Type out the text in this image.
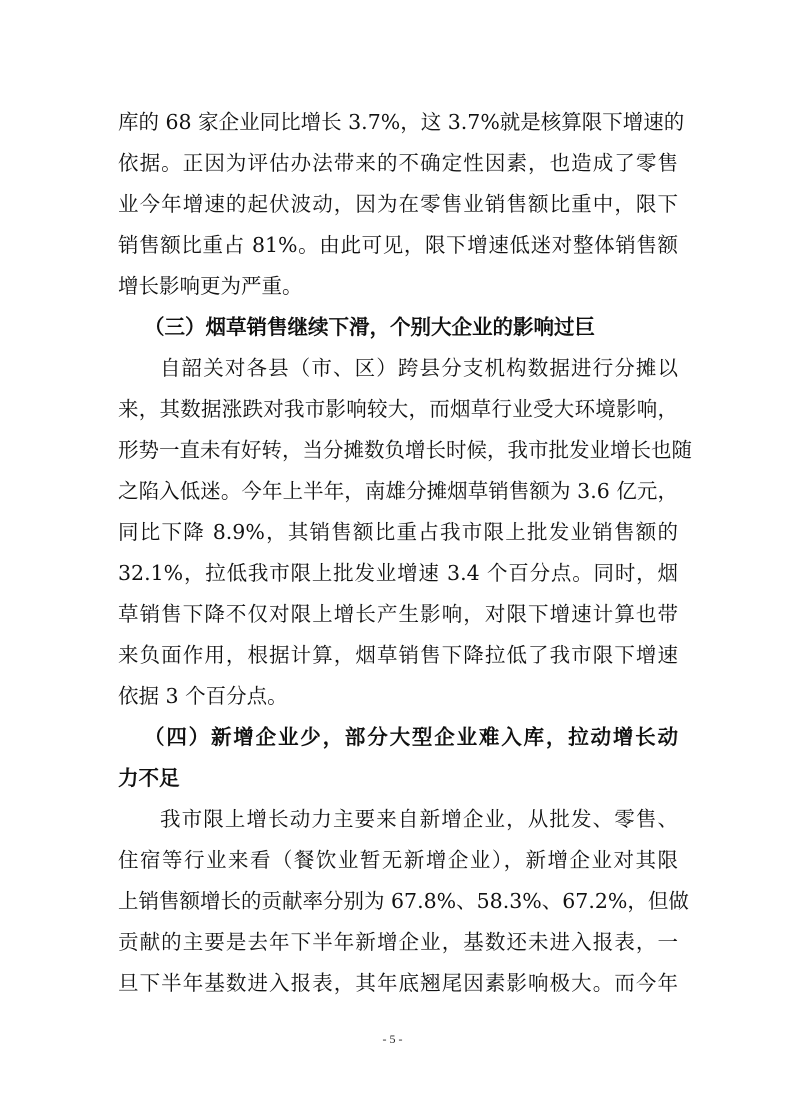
库的 68 家企业同比增长 3.7%，这 3.7%就是核算限下增速的
依据。正因为评估办法带来的不确定性因素，也造成了零售
业今年增速的起伏波动，因为在零售业销售额比重中，限下
销售额比重占 81%。由此可见，限下增速低迷对整体销售额
增长影响更为严重。
（三）烟草销售继续下滑，个别大企业的影响过巨
自韶关对各县（市、区）跨县分支机构数据进行分摊以
来，其数据涨跌对我市影响较大，而烟草行业受大环境影响，
形势一直未有好转，当分摊数负增长时候，我市批发业增长也随
之陷入低迷。今年上半年，南雄分摊烟草销售额为 3.6 亿元，
同比下降 8.9%，其销售额比重占我市限上批发业销售额的
32.1%，拉低我市限上批发业增速 3.4 个百分点。同时，烟
草销售下降不仅对限上增长产生影响，对限下增速计算也带
来负面作用，根据计算，烟草销售下降拉低了我市限下增速
依据 3 个百分点。
（四）新增企业少，部分大型企业难入库，拉动增长动
力不足
我市限上增长动力主要来自新增企业，从批发、零售、
住宿等行业来看（餐饮业暂无新增企业），新增企业对其限
上销售额增长的贡献率分别为 67.8%、58.3%、67.2%，但做
贡献的主要是去年下半年新增企业，基数还未进入报表，一
旦下半年基数进入报表，其年底翘尾因素影响极大。而今年
- 5 -
